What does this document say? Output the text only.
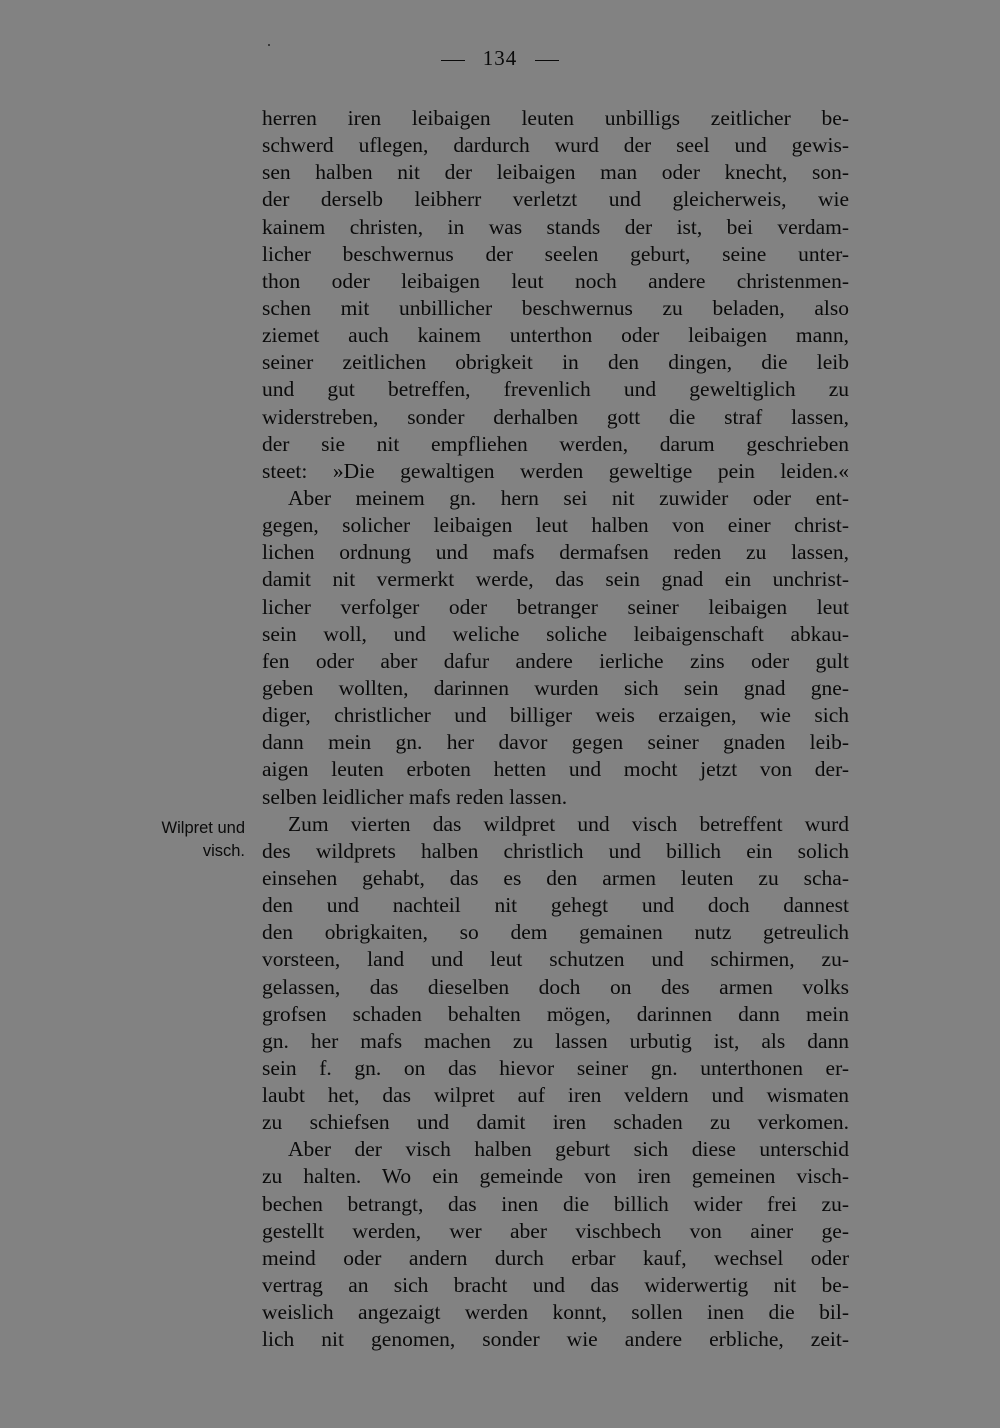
134
Wilpret und
visch.
herren iren leibaigen leuten unbilligs zeitlicher be-
schwerd uflegen, dardurch wurd der seel und gewis-
sen halben nit der leibaigen man oder knecht, son-
der derselb leibherr verletzt und gleicherweis, wie
kainem christen, in was stands der ist, bei verdam-
licher beschwernus der seelen geburt, seine unter-
thon oder leibaigen leut noch andere christenmen-
schen mit unbillicher beschwernus zu beladen, also
ziemet auch kainem unterthon oder leibaigen mann,
seiner zeitlichen obrigkeit in den dingen, die leib
und gut betreffen, frevenlich und geweltiglich zu
widerstreben, sonder derhalben gott die straf lassen,
der sie nit empfliehen werden, darum geschrieben
steet: »Die gewaltigen werden geweltige pein leiden.«
Aber meinem gn. hern sei nit zuwider oder ent-
gegen, solicher leibaigen leut halben von einer christ-
lichen ordnung und mafs dermafsen reden zu lassen,
damit nit vermerkt werde, das sein gnad ein unchrist-
licher verfolger oder betranger seiner leibaigen leut
sein woll, und weliche soliche leibaigenschaft abkau-
fen oder aber dafur andere ierliche zins oder gult
geben wollten, darinnen wurden sich sein gnad gne-
diger, christlicher und billiger weis erzaigen, wie sich
dann mein gn. her davor gegen seiner gnaden leib-
aigen leuten erboten hetten und mocht jetzt von der-
selben leidlicher mafs reden lassen.
Zum vierten das wildpret und visch betreffent wurd
des wildprets halben christlich und billich ein solich
einsehen gehabt, das es den armen leuten zu scha-
den und nachteil nit gehegt und doch dannest
den obrigkaiten, so dem gemainen nutz getreulich
vorsteen, land und leut schutzen und schirmen, zu-
gelassen, das dieselben doch on des armen volks
grofsen schaden behalten mögen, darinnen dann mein
gn. her mafs machen zu lassen urbutig ist, als dann
sein f. gn. on das hievor seiner gn. unterthonen er-
laubt het, das wilpret auf iren veldern und wismaten
zu schiefsen und damit iren schaden zu verkomen.
Aber der visch halben geburt sich diese unterschid
zu halten. Wo ein gemeinde von iren gemeinen visch-
bechen betrangt, das inen die billich wider frei zu-
gestellt werden, wer aber vischbech von ainer ge-
meind oder andern durch erbar kauf, wechsel oder
vertrag an sich bracht und das widerwertig nit be-
weislich angezaigt werden konnt, sollen inen die bil-
lich nit genomen, sonder wie andere erbliche, zeit-
